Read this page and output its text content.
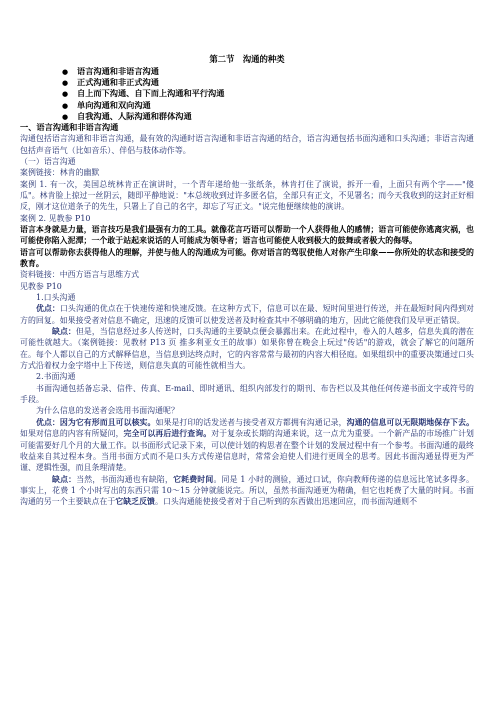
第二节　沟通的种类
● 语言沟通和非语言沟通
● 正式沟通和非正式沟通
● 自上而下沟通、自下而上沟通和平行沟通
● 单向沟通和双向沟通
● 自我沟通、人际沟通和群体沟通

一、语言沟通和非语言沟通

沟通包括语言沟通和非语言沟通，最有效的沟通时语言沟通和非语言沟通的结合，语言沟通包括书面沟通和口头沟通；非语言沟通包括声音语气（比如音乐）、伴侣与肢体动作等。

（一）语言沟通

案例链接：林肯的幽默

案例 1. 有一次，美国总统林肯正在演讲时，一个青年递给他一张纸条，林肯打住了演说，拆开一看，上面只有两个字——"傻瓜"。林肯脸上掠过一丝阴云，随即平静地说："本总统收到过许多匿名信，全部只有正文，不见署名；而今天我收到的这封正好相反，刚才这位道条子的先生，只署上了自己的名字，却忘了写正文。"说完他便继续他的演讲。

案例 2. 见教参 P10

语言本身就是力量，语言技巧是我们最强有力的工具。就像花言巧语可以帮助一个人获得他人的感情；语言可能使你逃离灾祸，也可能使你陷入泥潭；一个敢于站起来说话的人可能成为领导者；语言也可能使人收到极大的鼓舞或者极大的侮辱。

语言可以帮助你去获得他人的理解，并使与他人的沟通成为可能。你对语言的驾驭使他人对你产生印象——你所处的状态和接受的教育。

资料链接：中西方语言与思维方式

见教参 P10

1.口头沟通

优点：口头沟通的优点在于快速传递和快速反馈。在这种方式下，信息可以在最、短时间里进行传送，并在最短时间内得到对方的回复。如果接受者对信息不确定，迅速的反馈可以使发送者及时检查其中不够明确的地方，因此它能使我们及早更正错误。

缺点：但是，当信息经过多人传送时，口头沟通的主要缺点便会暴露出来。在此过程中，卷入的人越多，信息失真的潜在可能性就越大。（案例链接：见教材 P13 页 推多利亚女王的故事）如果你曾在晚会上玩过"传话"的游戏，就会了解它的问题所在。每个人都以自己的方式解释信息，当信息到达终点时，它的内容常常与最初的内容大相径庭。如果组织中的重要决策通过口头方式沿着权力金字塔中上下传送，则信息失真的可能性就相当大。

2.书面沟通

书面沟通包括备忘录、信件、传真、E-mail、即时通讯、组织内部发行的期刊、布告栏以及其他任何传递书面文字或符号的手段。

为什么信息的发送者会选用书面沟通呢？

优点：因为它有形而且可以核实。如果是打印的话发送者与接受者双方都拥有沟通记录，沟通的信息可以无限期地保存下去。如果对信息的内容有所疑问，完全可以再后进行查询。对于复杂或长期的沟通来说，这一点尤为重要。一个新产品的市场推广计划可能需要好几个月的大量工作。以书面形式记录下来，可以使计划的构思者在整个计划的发展过程中有一个参考。书面沟通的最终收益来自其过程本身。当用书面方式而不是口头方式传递信息时，常常会迫使人们进行更周全的思考。因此书面沟通显得更为严谨、逻辑性强，而且条理清楚。

缺点：当然，书面沟通也有缺陷，它耗费时间。同是 1 小时的测验，通过口试，你向教师传递的信息远比笔试多得多。事实上，花费 1 个小时写出的东西只需 10～15 分钟就能说完。所以，虽然书面沟通更为精确，但它也耗费了大量的时间。书面沟通的另一个主要缺点在于它缺乏反馈。口头沟通能使接受者对于自己听到的东西做出迅速回应，而书面沟通则不
